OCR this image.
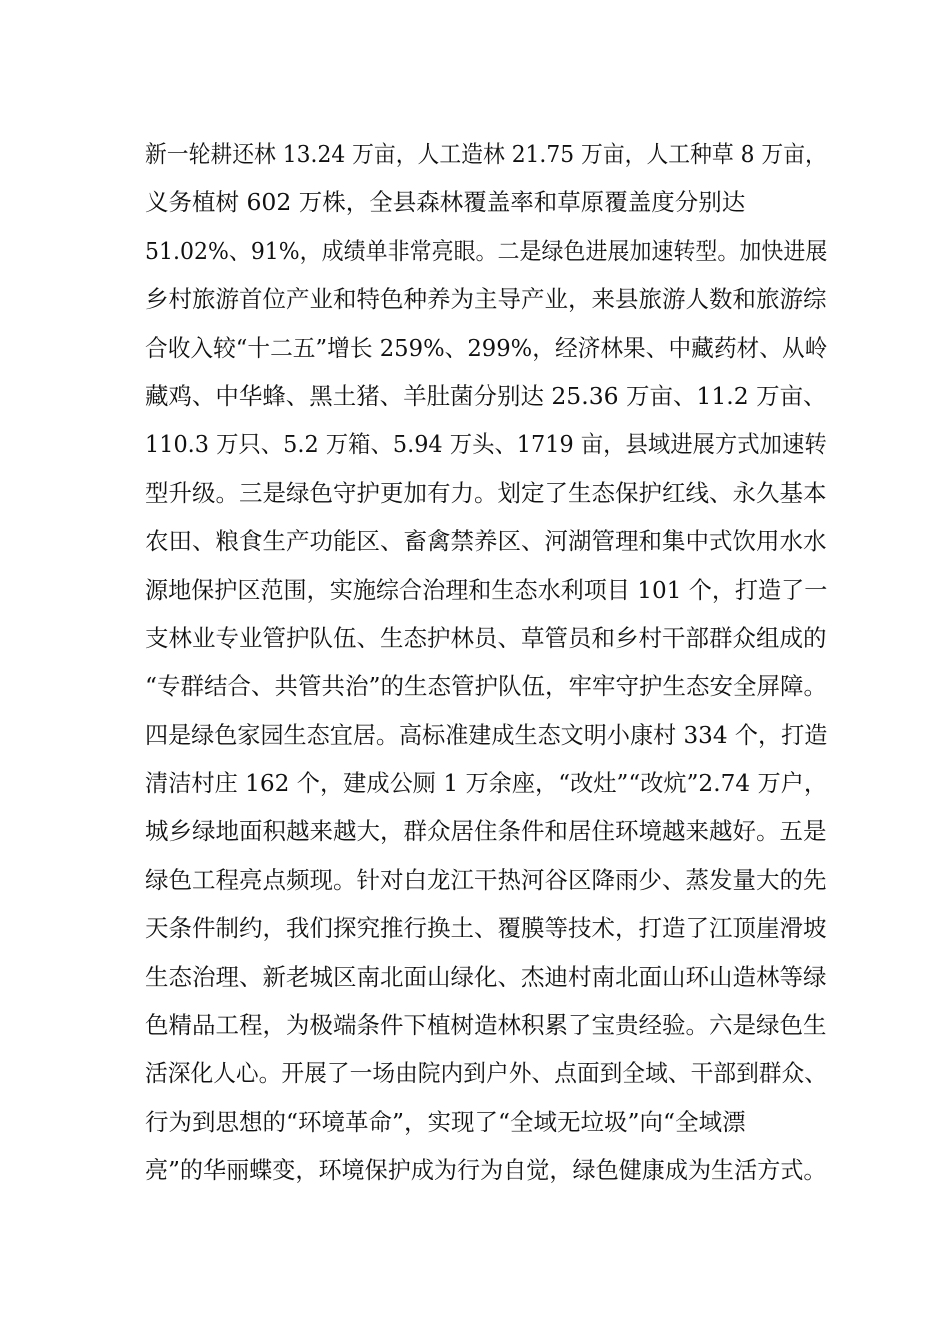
新一轮耕还林 13.24 万亩，人工造林 21.75 万亩，人工种草 8 万亩，
义务植树 602 万株，全县森林覆盖率和草原覆盖度分别达
51.02%、91%，成绩单非常亮眼。二是绿色进展加速转型。加快进展
乡村旅游首位产业和特色种养为主导产业，来县旅游人数和旅游综
合收入较“十二五”增长 259%、299%，经济林果、中藏药材、从岭
藏鸡、中华蜂、黑土猪、羊肚菌分别达 25.36 万亩、11.2 万亩、
110.3 万只、5.2 万箱、5.94 万头、1719 亩，县域进展方式加速转
型升级。三是绿色守护更加有力。划定了生态保护红线、永久基本
农田、粮食生产功能区、畜禽禁养区、河湖管理和集中式饮用水水
源地保护区范围，实施综合治理和生态水利项目 101 个，打造了一
支林业专业管护队伍、生态护林员、草管员和乡村干部群众组成的
“专群结合、共管共治”的生态管护队伍，牢牢守护生态安全屏障。
四是绿色家园生态宜居。高标准建成生态文明小康村 334 个，打造
清洁村庄 162 个，建成公厕 1 万余座，“改灶”“改炕”2.74 万户，
城乡绿地面积越来越大，群众居住条件和居住环境越来越好。五是
绿色工程亮点频现。针对白龙江干热河谷区降雨少、蒸发量大的先
天条件制约，我们探究推行换土、覆膜等技术，打造了江顶崖滑坡
生态治理、新老城区南北面山绿化、杰迪村南北面山环山造林等绿
色精品工程，为极端条件下植树造林积累了宝贵经验。六是绿色生
活深化人心。开展了一场由院内到户外、点面到全域、干部到群众、
行为到思想的“环境革命”，实现了“全域无垃圾”向“全域漂
亮”的华丽蝶变，环境保护成为行为自觉，绿色健康成为生活方式。
